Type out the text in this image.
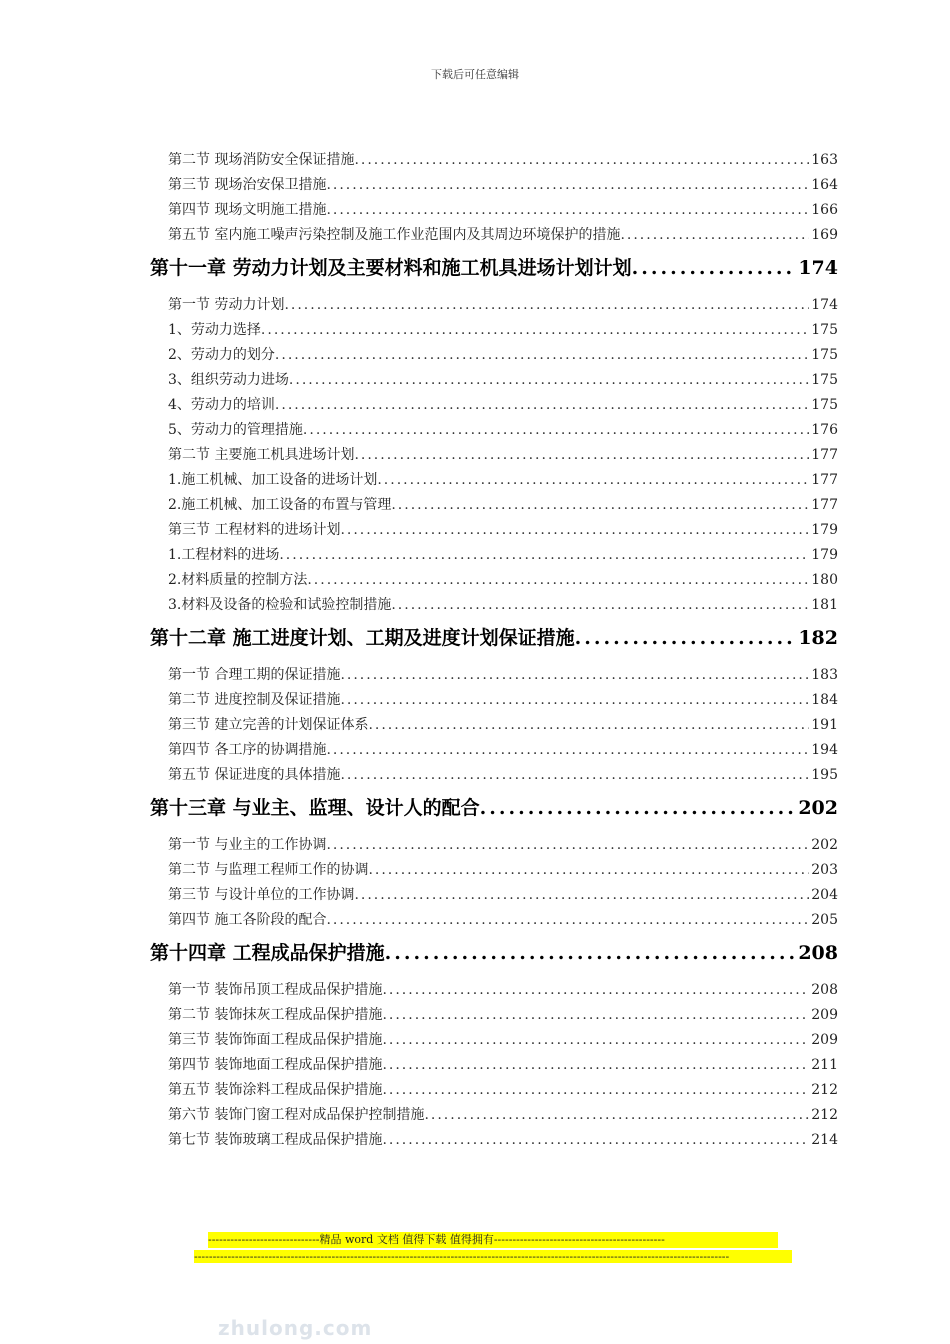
下载后可任意编辑
第二节 现场消防安全保证措施 .....	163
第三节 现场治安保卫措施 .....	164
第四节 现场文明施工措施 .....	166
第五节 室内施工噪声污染控制及施工作业范围内及其周边环境保护的措施 .....	169
第十一章 劳动力计划及主要材料和施工机具进场计划计划 .....	174
第一节 劳动力计划 .....	174
1、劳动力选择 .....	175
2、劳动力的划分 .....	175
3、组织劳动力进场 .....	175
4、劳动力的培训 .....	175
5、劳动力的管理措施 .....	176
第二节 主要施工机具进场计划 .....	177
1.施工机械、加工设备的进场计划 .....	177
2.施工机械、加工设备的布置与管理 .....	177
第三节 工程材料的进场计划 .....	179
1.工程材料的进场 .....	179
2.材料质量的控制方法 .....	180
3.材料及设备的检验和试验控制措施 .....	181
第十二章 施工进度计划、工期及进度计划保证措施 .....	182
第一节 合理工期的保证措施 .....	183
第二节 进度控制及保证措施 .....	184
第三节 建立完善的计划保证体系 .....	191
第四节 各工序的协调措施 .....	194
第五节 保证进度的具体措施 .....	195
第十三章 与业主、监理、设计人的配合 .....	202
第一节 与业主的工作协调 .....	202
第二节 与监理工程师工作的协调 .....	203
第三节 与设计单位的工作协调 .....	204
第四节 施工各阶段的配合 .....	205
第十四章 工程成品保护措施 .....	208
第一节 装饰吊顶工程成品保护措施 .....	208
第二节 装饰抹灰工程成品保护措施 .....	209
第三节 装饰饰面工程成品保护措施 .....	209
第四节 装饰地面工程成品保护措施 .....	211
第五节 装饰涂料工程成品保护措施 .....	212
第六节 装饰门窗工程对成品保护控制措施 .....	212
第七节 装饰玻璃工程成品保护措施 .....	214
------------------------------精品 word 文档 值得下载 值得拥有----------------------------------------------
------------------------------------------------------------------------------------------------------------------------------------------------
zhulong.com
